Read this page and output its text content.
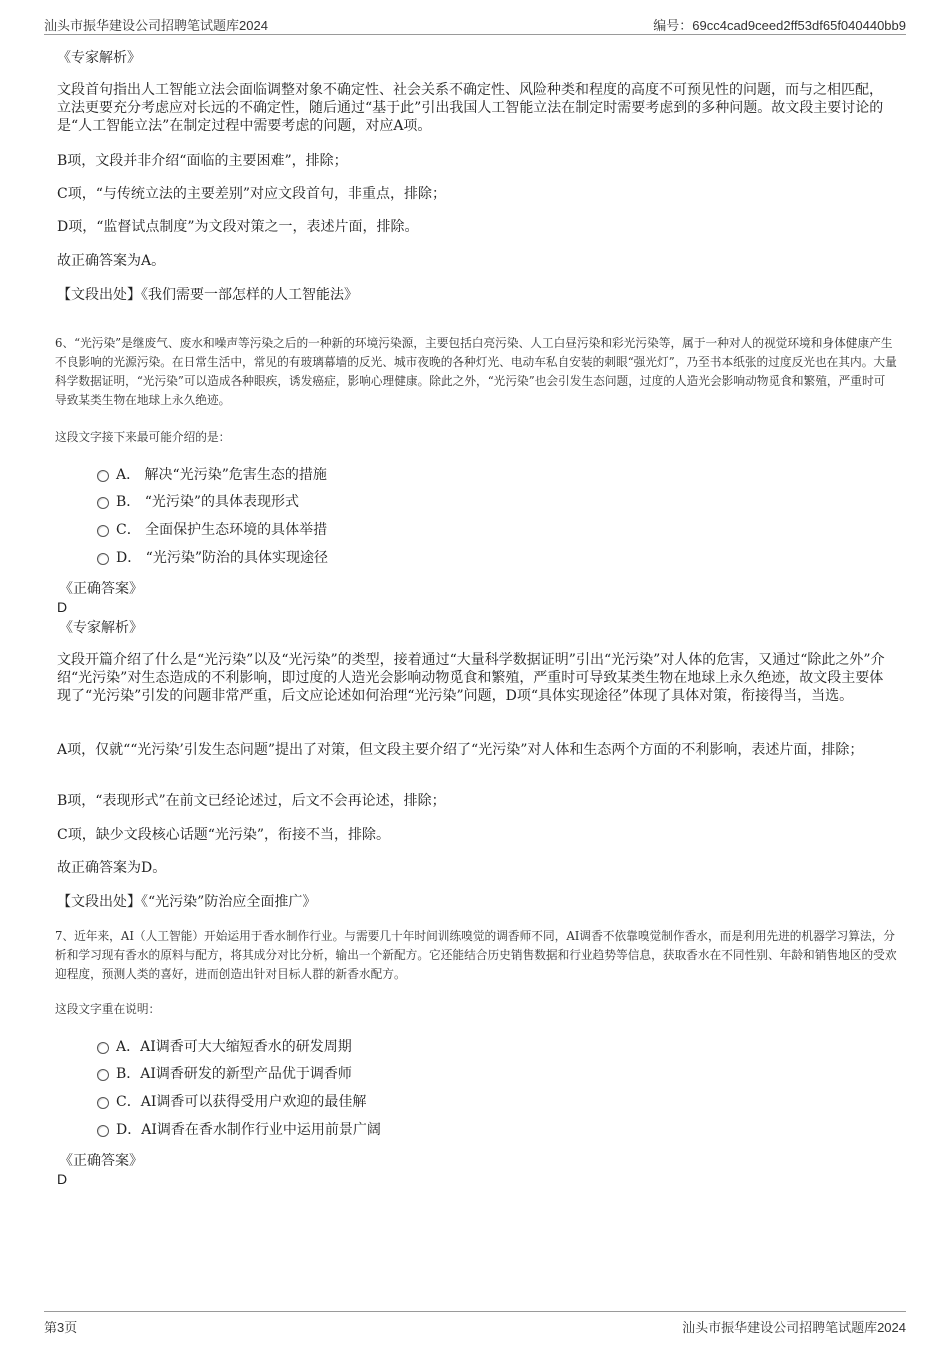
汕头市振华建设公司招聘笔试题库2024	编号：69cc4cad9ceed2ff53df65f040440bb9

《专家解析》

文段首句指出人工智能立法会面临调整对象不确定性、社会关系不确定性、风险种类和程度的高度不可预见性的问题，而与之相匹配，立法更要充分考虑应对长远的不确定性，随后通过“基于此”引出我国人工智能立法在制定时需要考虑到的多种问题。故文段主要讨论的是“人工智能立法”在制定过程中需要考虑的问题，对应A项。

B项，文段并非介绍“面临的主要困难”，排除；

C项，“与传统立法的主要差别”对应文段首句，非重点，排除；

D项，“监督试点制度”为文段对策之一，表述片面，排除。

故正确答案为A。

【文段出处】《我们需要一部怎样的人工智能法》

6、“光污染”是继废气、废水和噪声等污染之后的一种新的环境污染源，主要包括白亮污染、人工白昼污染和彩光污染等，属于一种对人的视觉环境和身体健康产生不良影响的光源污染。在日常生活中，常见的有玻璃幕墙的反光、城市夜晚的各种灯光、电动车私自安装的刺眼“强光灯”，乃至书本纸张的过度反光也在其内。大量科学数据证明，“光污染”可以造成各种眼疾，诱发癌症，影响心理健康。除此之外，“光污染”也会引发生态问题，过度的人造光会影响动物觅食和繁殖，严重时可导致某类生物在地球上永久绝迹。

这段文字接下来最可能介绍的是：

A． 解决“光污染”危害生态的措施
B． “光污染”的具体表现形式
C． 全面保护生态环境的具体举措
D． “光污染”防治的具体实现途径

《正确答案》

D

《专家解析》

文段开篇介绍了什么是“光污染”以及“光污染”的类型，接着通过“大量科学数据证明”引出“光污染”对人体的危害，又通过“除此之外”介绍“光污染”对生态造成的不利影响，即过度的人造光会影响动物觅食和繁殖，严重时可导致某类生物在地球上永久绝迹，故文段主要体现了“光污染”引发的问题非常严重，后文应论述如何治理“光污染”问题，D项“具体实现途径”体现了具体对策，衔接得当，当选。

A项，仅就““光污染’引发生态问题”提出了对策，但文段主要介绍了“光污染”对人体和生态两个方面的不利影响，表述片面，排除；

B项，“表现形式”在前文已经论述过，后文不会再论述，排除；

C项，缺少文段核心话题“光污染”，衔接不当，排除。

故正确答案为D。

【文段出处】《“光污染”防治应全面推广》

7、近年来，AI（人工智能）开始运用于香水制作行业。与需要几十年时间训练嗅觉的调香师不同，AI调香不依靠嗅觉制作香水，而是利用先进的机器学习算法，分析和学习现有香水的原料与配方，将其成分对比分析，输出一个新配方。它还能结合历史销售数据和行业趋势等信息，获取香水在不同性别、年龄和销售地区的受欢迎程度，预测人类的喜好，进而创造出针对目标人群的新香水配方。

这段文字重在说明：

A．AI调香可大大缩短香水的研发周期
B．AI调香研发的新型产品优于调香师
C．AI调香可以获得受用户欢迎的最佳解
D．AI调香在香水制作行业中运用前景广阔

《正确答案》

D

第3页	汕头市振华建设公司招聘笔试题库2024
